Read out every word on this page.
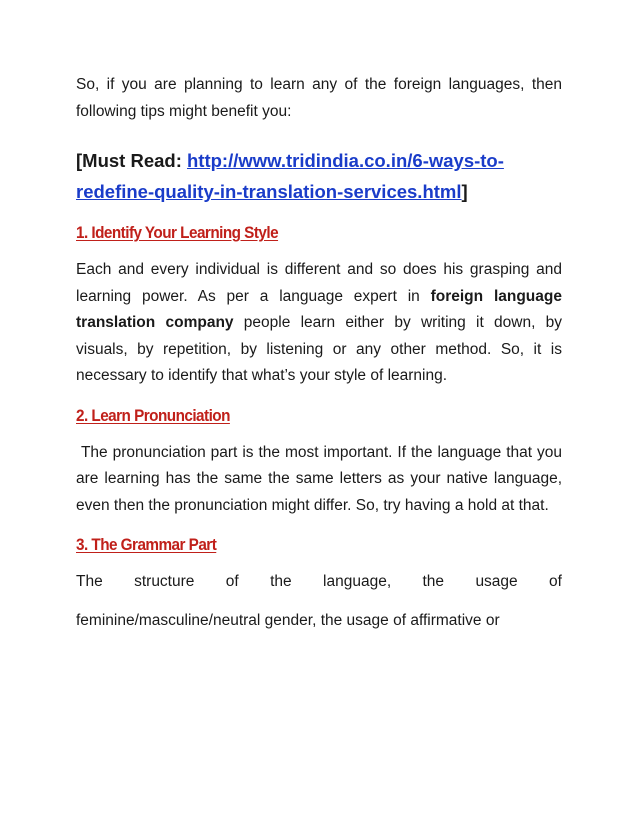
So, if you are planning to learn any of the foreign languages, then following tips might benefit you:

[Must Read: http://www.tridindia.co.in/6-ways-to-redefine-quality-in-translation-services.html]

1. Identify Your Learning Style

Each and every individual is different and so does his grasping and learning power. As per a language expert in foreign language translation company people learn either by writing it down, by visuals, by repetition, by listening or any other method. So, it is necessary to identify that what’s your style of learning.

2. Learn Pronunciation

The pronunciation part is the most important. If the language that you are learning has the same the same letters as your native language, even then the pronunciation might differ. So, try having a hold at that.

3. The Grammar Part

The structure of the language, the usage of

feminine/masculine/neutral gender, the usage of affirmative or
